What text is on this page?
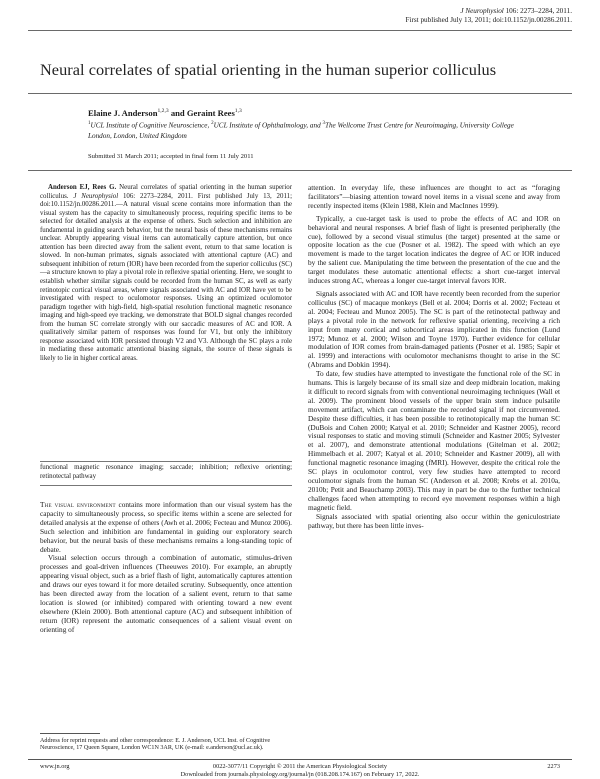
J Neurophysiol 106: 2273–2284, 2011.
First published July 13, 2011; doi:10.1152/jn.00286.2011.
Neural correlates of spatial orienting in the human superior colliculus
Elaine J. Anderson$^{1,2,3}$ and Geraint Rees$^{1,3}$
$^1$UCL Institute of Cognitive Neuroscience, $^2$UCL Institute of Ophthalmology, and $^3$The Wellcome Trust Centre for Neuroimaging, University College London, London, United Kingdom
Submitted 31 March 2011; accepted in final form 11 July 2011

Anderson EJ, Rees G. Neural correlates of spatial orienting in the human superior colliculus. J Neurophysiol 106: 2273–2284, 2011. First published July 13, 2011; doi:10.1152/jn.00286.2011.—A natural visual scene contains more information than the visual system has the capacity to simultaneously process, requiring specific items to be selected for detailed analysis at the expense of others. Such selection and inhibition are fundamental in guiding search behavior, but the neural basis of these mechanisms remains unclear. Abruptly appearing visual items can automatically capture attention, but once attention has been directed away from the salient event, return to that same location is slowed. In non-human primates, signals associated with attentional capture (AC) and subsequent inhibition of return (IOR) have been recorded from the superior colliculus (SC)—a structure known to play a pivotal role in reflexive spatial orienting. Here, we sought to establish whether similar signals could be recorded from the human SC, as well as early retinotopic cortical visual areas, where signals associated with AC and IOR have yet to be investigated with respect to oculomotor responses. Using an optimized oculomotor paradigm together with high-field, high-spatial resolution functional magnetic resonance imaging and high-speed eye tracking, we demonstrate that BOLD signal changes recorded from the human SC correlate strongly with our saccadic measures of AC and IOR. A qualitatively similar pattern of responses was found for V1, but only the inhibitory response associated with IOR persisted through V2 and V3. Although the SC plays a role in mediating these automatic attentional biasing signals, the source of these signals is likely to lie in higher cortical areas.

functional magnetic resonance imaging; saccade; inhibition; reflexive orienting; retinotectal pathway

The visual environment contains more information than our visual system has the capacity to simultaneously process, so specific items within a scene are selected for detailed analysis at the expense of others (Awh et al. 2006; Fecteau and Munoz 2006). Such selection and inhibition are fundamental in guiding our exploratory search behavior, but the neural basis of these mechanisms remains a long-standing topic of debate.

Visual selection occurs through a combination of automatic, stimulus-driven processes and goal-driven influences (Theeuwes 2010). For example, an abruptly appearing visual object, such as a brief flash of light, automatically captures attention and draws our eyes toward it for more detailed scrutiny. Subsequently, once attention has been directed away from the location of a salient event, return to that same location is slowed (or inhibited) compared with orienting toward a new event elsewhere (Klein 2000). Both attentional capture (AC) and subsequent inhibition of return (IOR) represent the automatic consequences of a salient visual event on orienting of

Address for reprint requests and other correspondence: E. J. Anderson, UCL Inst. of Cognitive Neuroscience, 17 Queen Square, London WC1N 3AR, UK (e-mail: e.anderson@ucl.ac.uk).

attention. In everyday life, these influences are thought to act as “foraging facilitators”—biasing attention toward novel items in a visual scene and away from recently inspected items (Klein 1988, Klein and MacInnes 1999).

Typically, a cue-target task is used to probe the effects of AC and IOR on behavioral and neural responses. A brief flash of light is presented peripherally (the cue), followed by a second visual stimulus (the target) presented at the same or opposite location as the cue (Posner et al. 1982). The speed with which an eye movement is made to the target location indicates the degree of AC or IOR induced by the salient cue. Manipulating the time between the presentation of the cue and the target modulates these automatic attentional effects: a short cue-target interval induces strong AC, whereas a longer cue-target interval favors IOR.

Signals associated with AC and IOR have recently been recorded from the superior colliculus (SC) of macaque monkeys (Bell et al. 2004; Dorris et al. 2002; Fecteau et al. 2004; Fecteau and Munoz 2005). The SC is part of the retinotectal pathway and plays a pivotal role in the network for reflexive spatial orienting, receiving a rich input from many cortical and subcortical areas implicated in this function (Lund 1972; Munoz et al. 2000; Wilson and Toyne 1970). Further evidence for cellular modulation of IOR comes from brain-damaged patients (Posner et al. 1985; Sapir et al. 1999) and interactions with oculomotor mechanisms thought to arise in the SC (Abrams and Dobkin 1994).

To date, few studies have attempted to investigate the functional role of the SC in humans. This is largely because of its small size and deep midbrain location, making it difficult to record signals from with conventional neuroimaging techniques (Wall et al. 2009). The prominent blood vessels of the upper brain stem induce pulsatile movement artifact, which can contaminate the recorded signal if not circumvented. Despite these difficulties, it has been possible to retinotopically map the human SC (DuBois and Cohen 2000; Katyal et al. 2010; Schneider and Kastner 2005), record visual responses to static and moving stimuli (Schneider and Kastner 2005; Sylvester et al. 2007), and demonstrate attentional modulations (Gitelman et al. 2002; Himmelbach et al. 2007; Katyal et al. 2010; Schneider and Kastner 2009), all with functional magnetic resonance imaging (fMRI). However, despite the critical role the SC plays in oculomotor control, very few studies have attempted to record oculomotor signals from the human SC (Anderson et al. 2008; Krebs et al. 2010a, 2010b; Petit and Beauchamp 2003). This may in part be due to the further technical challenges faced when attempting to record eye movement responses within a high magnetic field.

Signals associated with spatial orienting also occur within the geniculostriate pathway, but there has been little inves-

www.jn.org	0022-3077/11 Copyright © 2011 the American Physiological Society	2273
Downloaded from journals.physiology.org/journal/jn (018.208.174.167) on February 17, 2022.
